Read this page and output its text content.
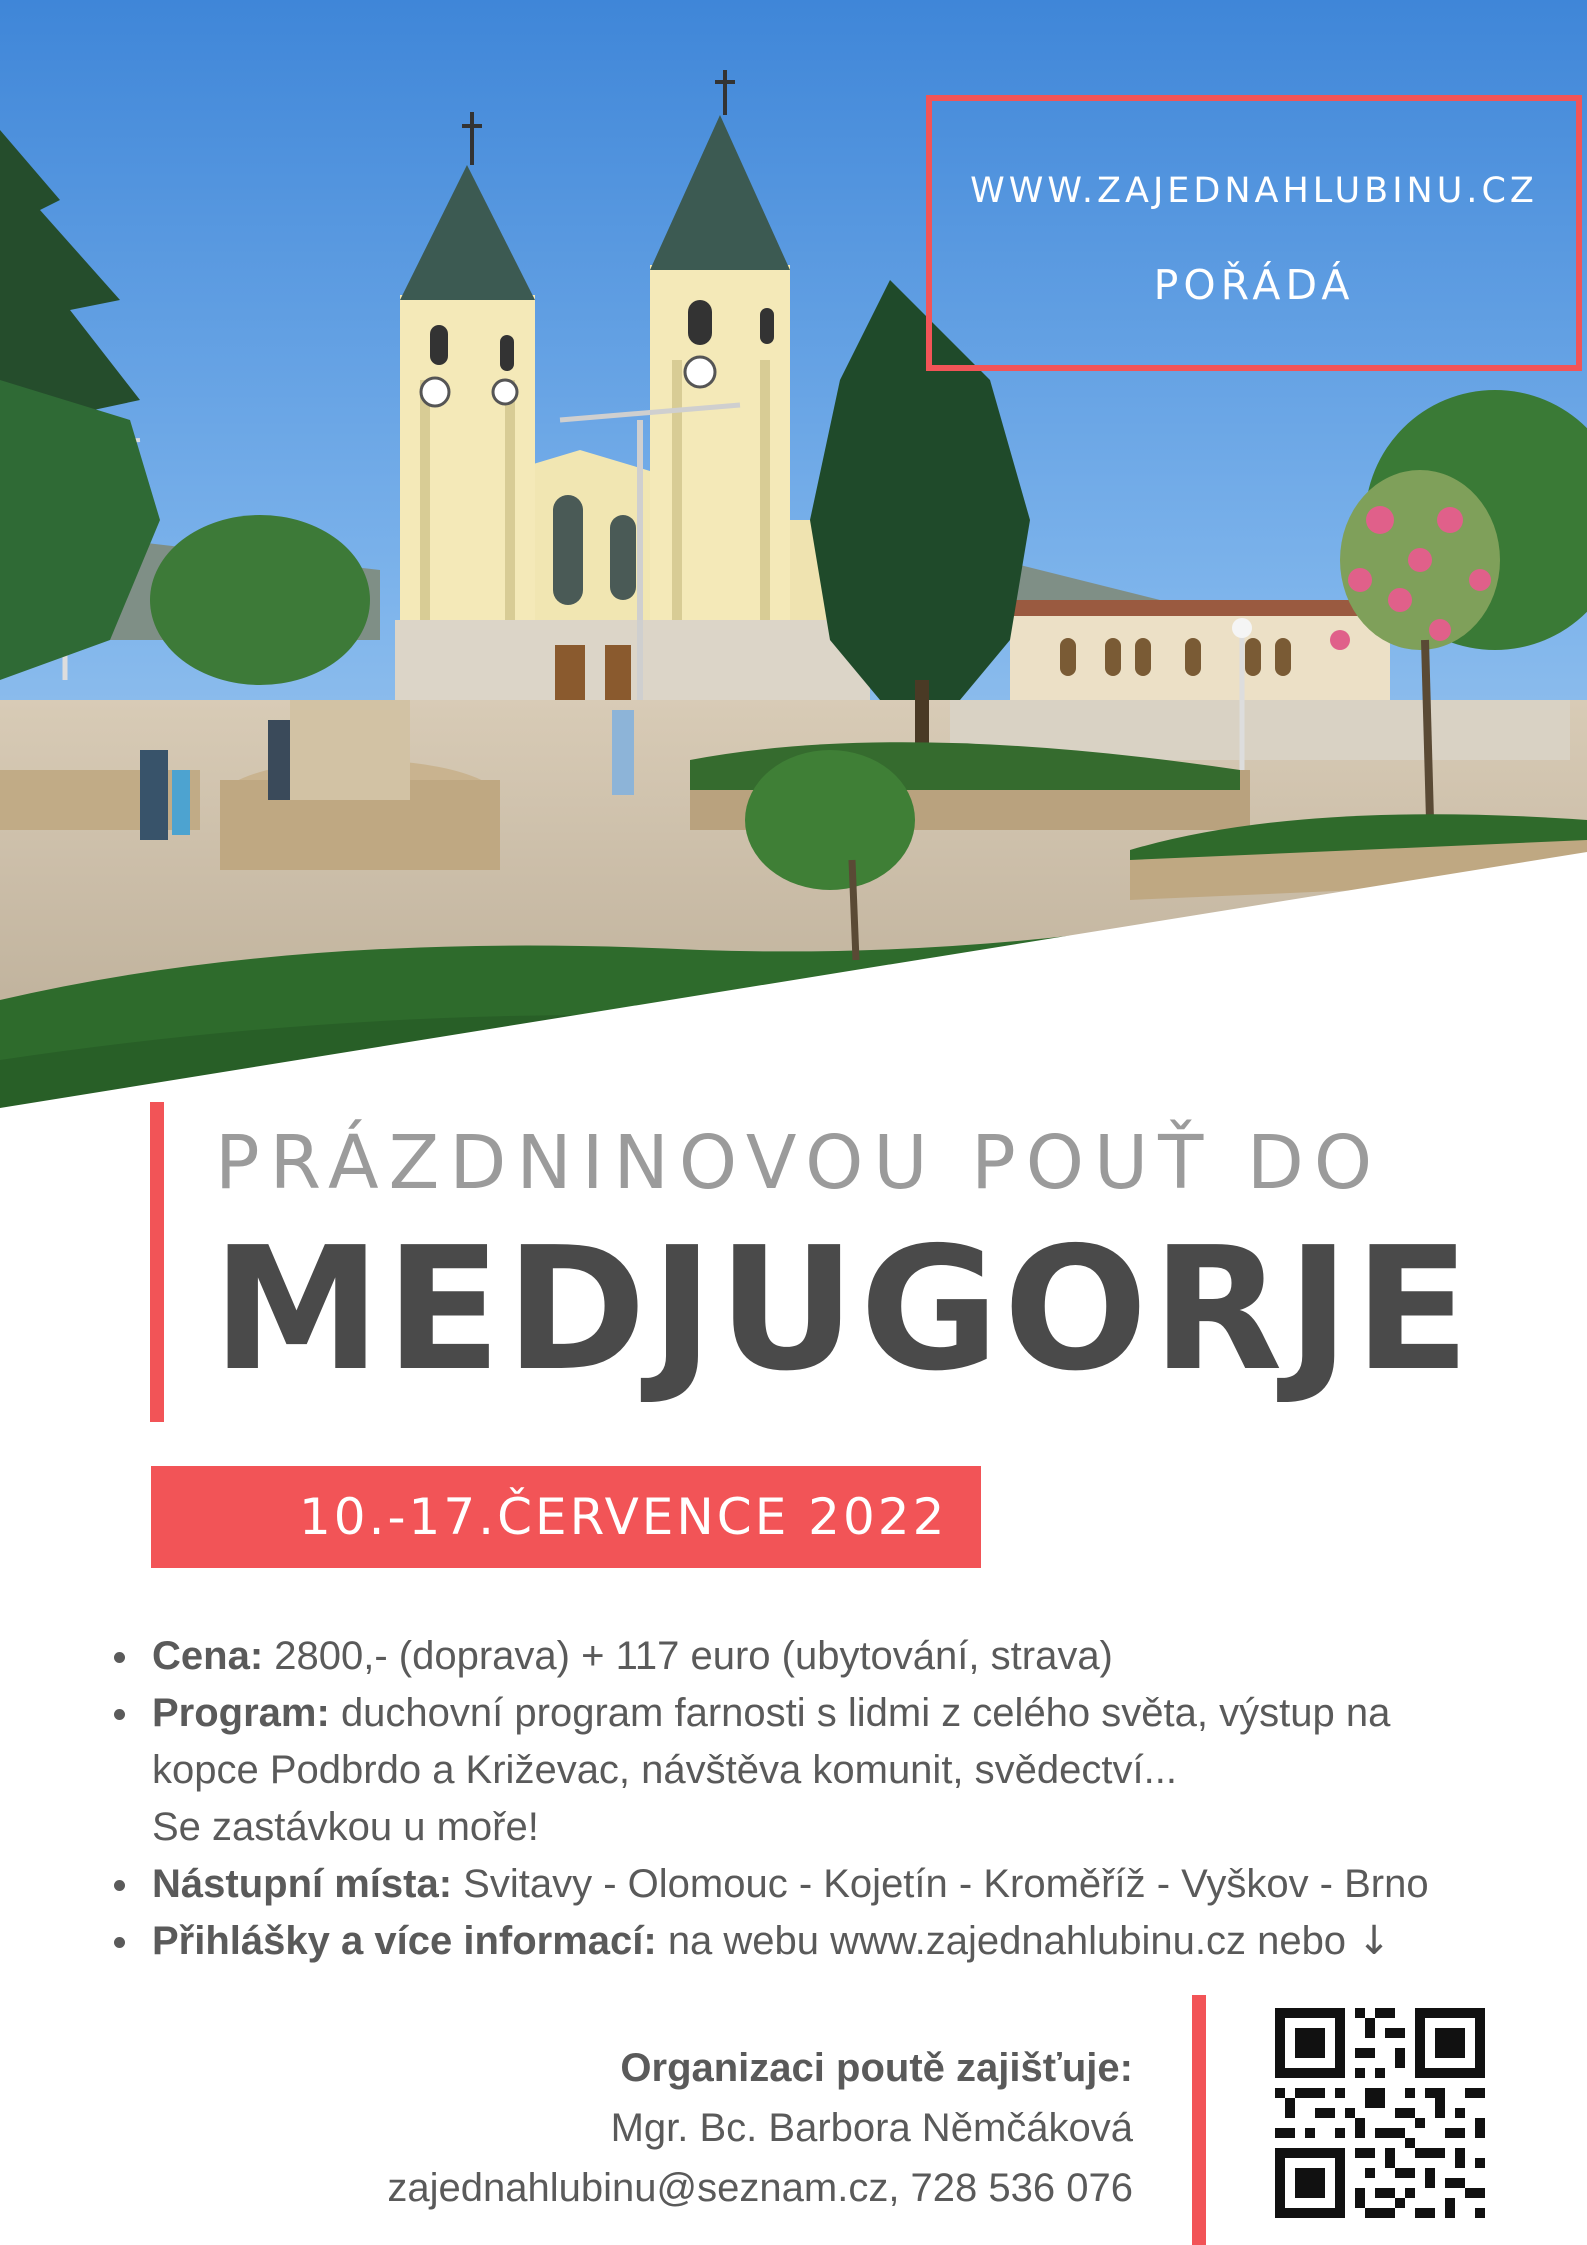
WWW.ZAJEDNAHLUBINU.CZ
POŘÁDÁ
PRÁZDNINOVOU POUŤ DO
MEDJUGORJE
10.-17.ČERVENCE 2022
Cena: 2800,- (doprava) + 117 euro (ubytování, strava)
Program: duchovní program farnosti s lidmi z celého světa, výstup na
kopce Podbrdo a Križevac, návštěva komunit, svědectví...
Se zastávkou u moře!
Nástupní místa: Svitavy - Olomouc - Kojetín - Kroměříž - Vyškov - Brno
Přihlášky a více informací: na webu www.zajednahlubinu.cz nebo ↓
Organizaci poutě zajišťuje:
Mgr. Bc. Barbora Němčáková
zajednahlubinu@seznam.cz, 728 536 076
